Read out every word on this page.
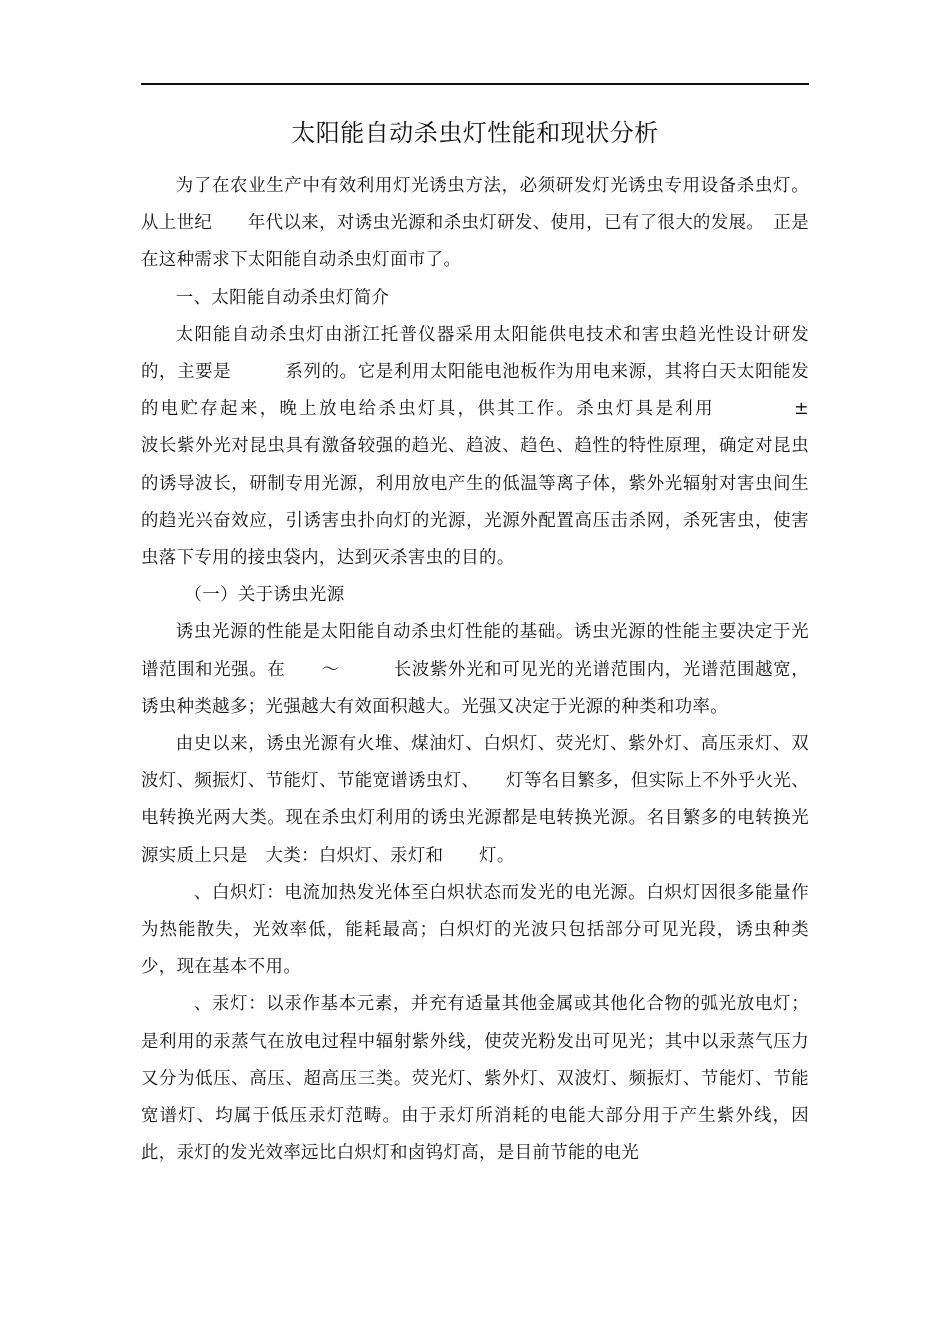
太阳能自动杀虫灯性能和现状分析

为了在农业生产中有效利用灯光诱虫方法，必须研发灯光诱虫专用设备杀虫灯。从上世纪　　年代以来，对诱虫光源和杀虫灯研发、使用，已有了很大的发展。　正是在这种需求下太阳能自动杀虫灯面市了。

一、太阳能自动杀虫灯简介

太阳能自动杀虫灯由浙江托普仪器采用太阳能供电技术和害虫趋光性设计研发的，主要是　　　系列的。它是利用太阳能电池板作为用电来源，其将白天太阳能发的电贮存起来，晚上放电给杀虫灯具，供其工作。杀虫灯具是利用　　　　±　　　波长紫外光对昆虫具有激备较强的趋光、趋波、趋色、趋性的特性原理，确定对昆虫的诱导波长，研制专用光源，利用放电产生的低温等离子体，紫外光辐射对害虫间生的趋光兴奋效应，引诱害虫扑向灯的光源，光源外配置高压击杀网，杀死害虫，使害虫落下专用的接虫袋内，达到灭杀害虫的目的。

（一）关于诱虫光源

诱虫光源的性能是太阳能自动杀虫灯性能的基础。诱虫光源的性能主要决定于光谱范围和光强。在　　～　　　长波紫外光和可见光的光谱范围内，光谱范围越宽，诱虫种类越多；光强越大有效面积越大。光强又决定于光源的种类和功率。

由史以来，诱虫光源有火堆、煤油灯、白炽灯、荧光灯、紫外灯、高压汞灯、双波灯、频振灯、节能灯、节能宽谱诱虫灯、　　灯等名目繁多，但实际上不外乎火光、电转换光两大类。现在杀虫灯利用的诱虫光源都是电转换光源。名目繁多的电转换光源实质上只是　大类：白炽灯、汞灯和　　灯。

　、白炽灯：电流加热发光体至白炽状态而发光的电光源。白炽灯因很多能量作为热能散失，光效率低，能耗最高；白炽灯的光波只包括部分可见光段，诱虫种类少，现在基本不用。

　、汞灯：以汞作基本元素，并充有适量其他金属或其他化合物的弧光放电灯；是利用的汞蒸气在放电过程中辐射紫外线，使荧光粉发出可见光；其中以汞蒸气压力又分为低压、高压、超高压三类。荧光灯、紫外灯、双波灯、频振灯、节能灯、节能宽谱灯、均属于低压汞灯范畴。由于汞灯所消耗的电能大部分用于产生紫外线，因此，汞灯的发光效率远比白炽灯和卤钨灯高，是目前节能的电光
